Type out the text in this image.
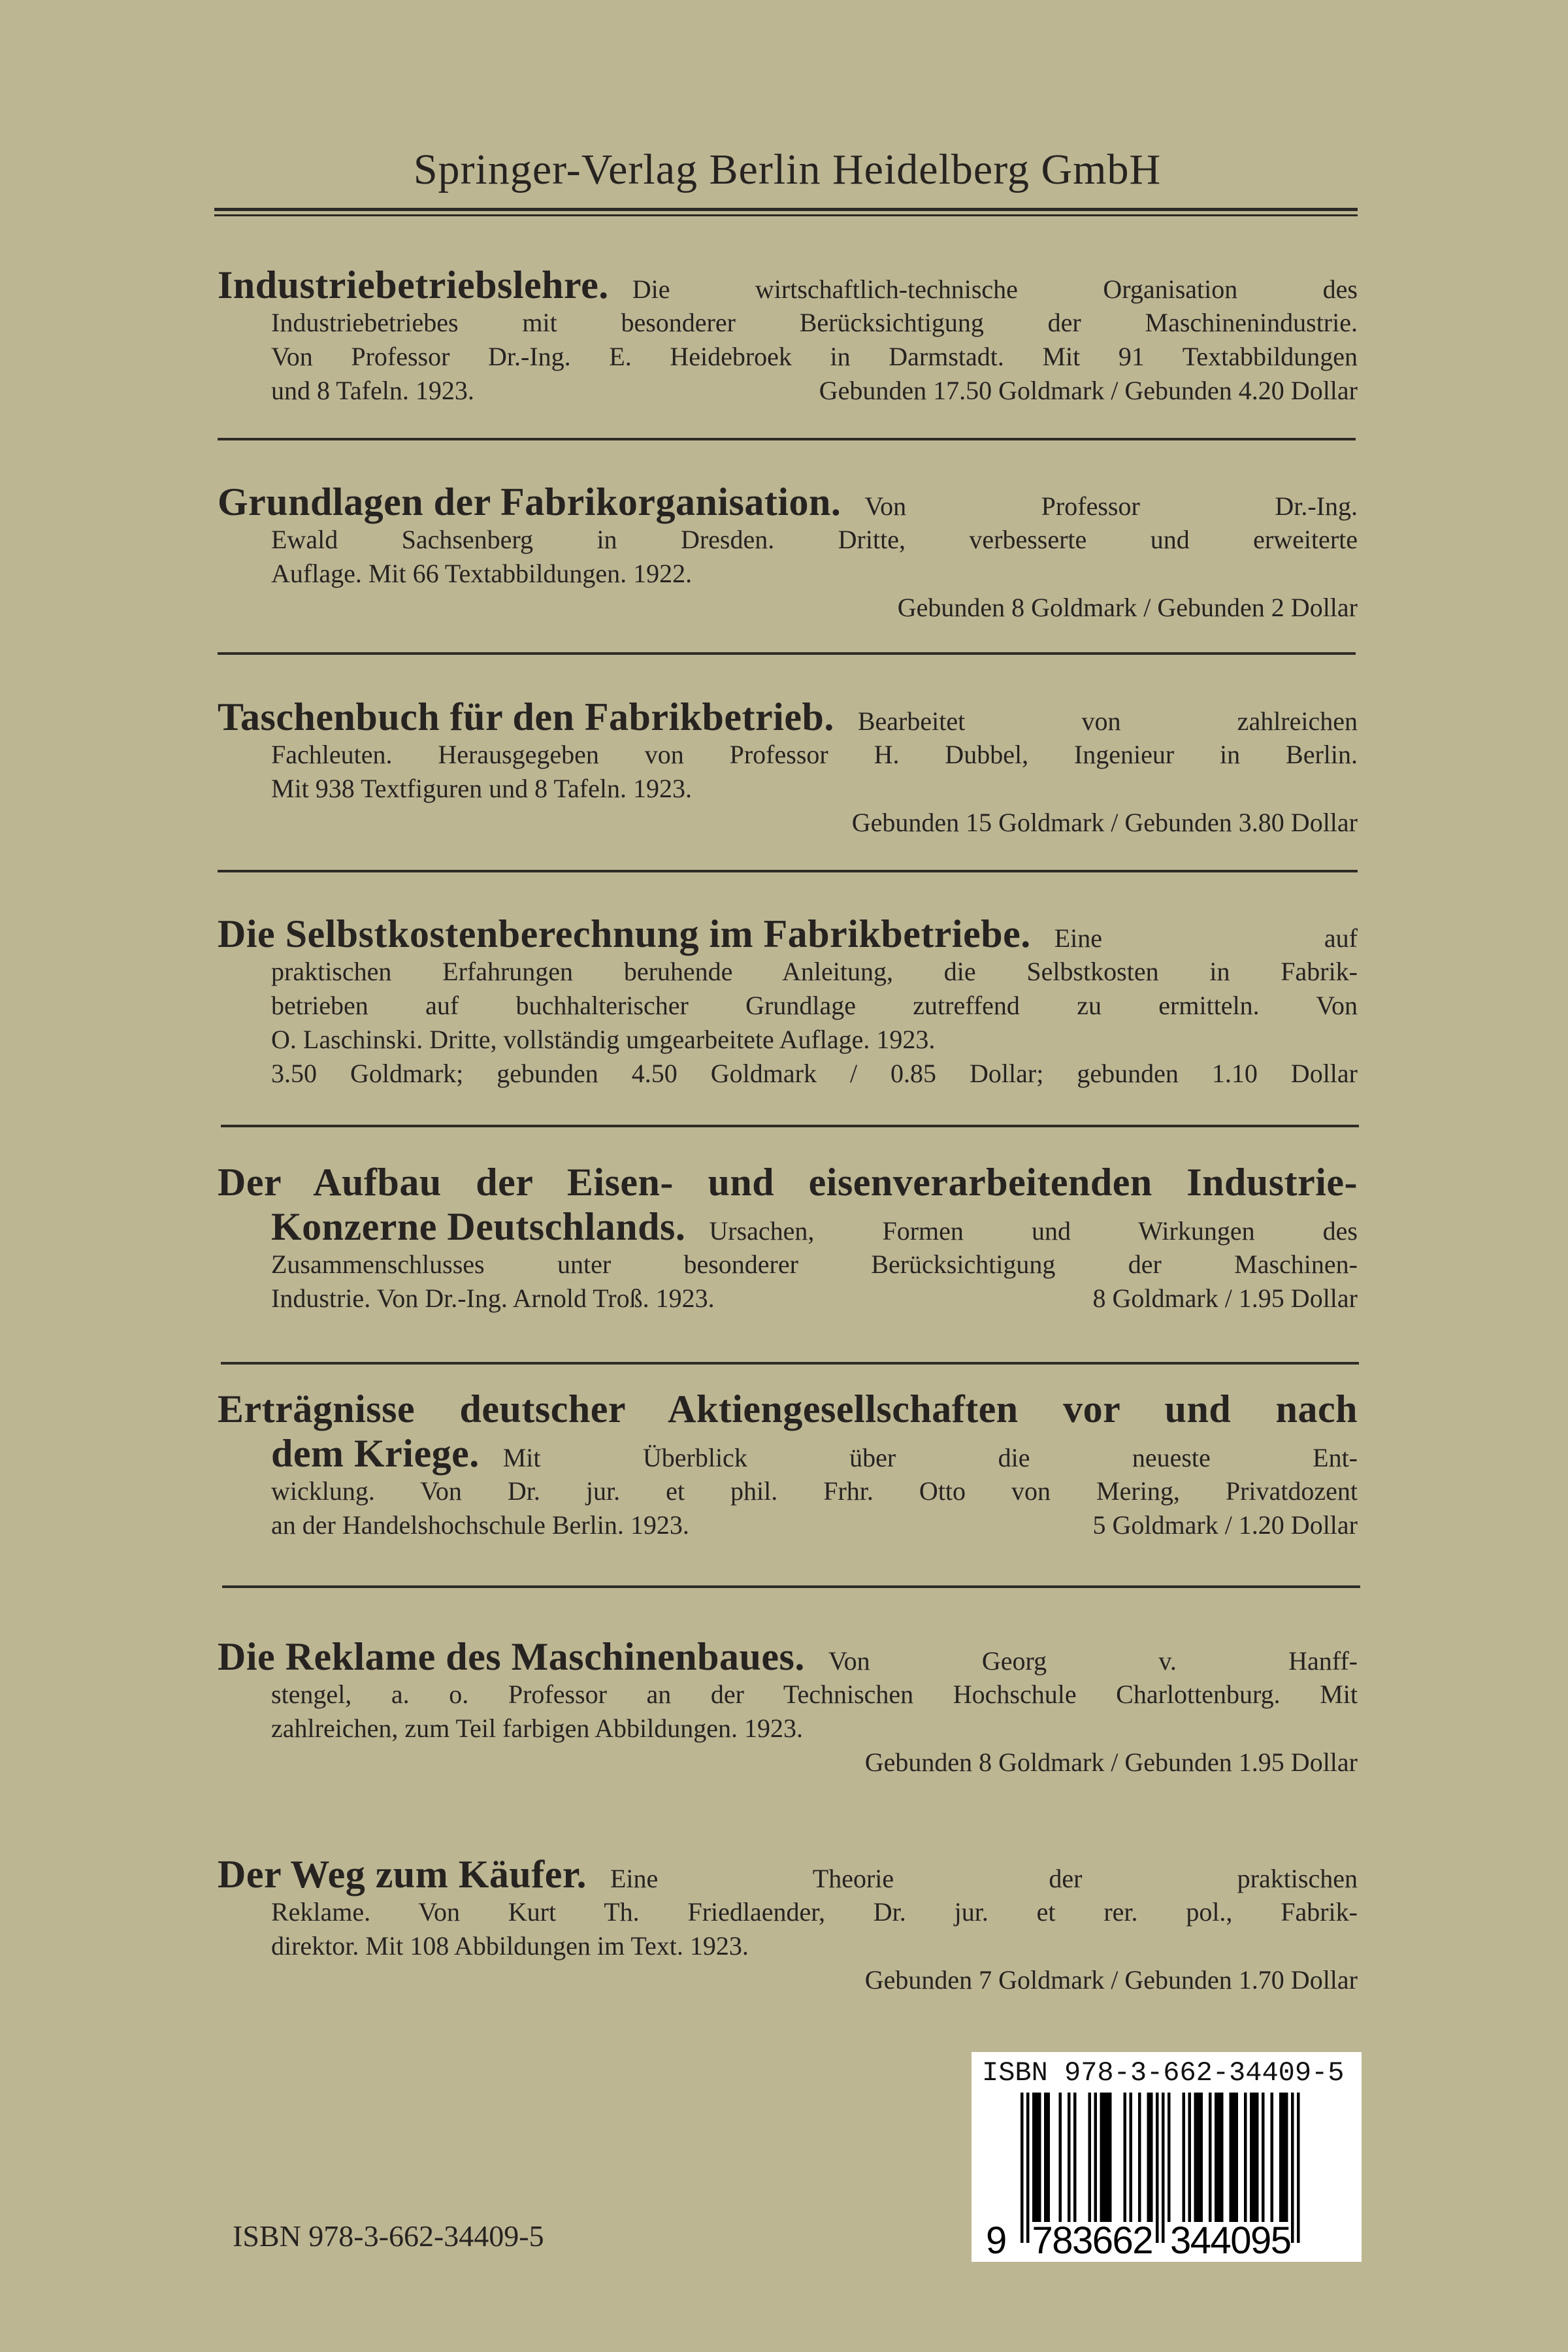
Springer-Verlag Berlin Heidelberg GmbH
Industriebetriebslehre. Die wirtschaftlich-technische Organisation des
Industriebetriebes mit besonderer Berücksichtigung der Maschinenindustrie.
Von Professor Dr.-Ing. E. Heidebroek in Darmstadt. Mit 91 Textabbildungen
und 8 Tafeln. 1923.	Gebunden 17.50 Goldmark / Gebunden 4.20 Dollar
Grundlagen der Fabrikorganisation. Von Professor Dr.-Ing.
Ewald Sachsenberg in Dresden. Dritte, verbesserte und erweiterte
Auflage. Mit 66 Textabbildungen. 1922.
Gebunden 8 Goldmark / Gebunden 2 Dollar
Taschenbuch für den Fabrikbetrieb. Bearbeitet von zahlreichen
Fachleuten. Herausgegeben von Professor H. Dubbel, Ingenieur in Berlin.
Mit 938 Textfiguren und 8 Tafeln. 1923.
Gebunden 15 Goldmark / Gebunden 3.80 Dollar
Die Selbstkostenberechnung im Fabrikbetriebe. Eine auf
praktischen Erfahrungen beruhende Anleitung, die Selbstkosten in Fabrik-
betrieben auf buchhalterischer Grundlage zutreffend zu ermitteln. Von
O. Laschinski. Dritte, vollständig umgearbeitete Auflage. 1923.
3.50 Goldmark; gebunden 4.50 Goldmark / 0.85 Dollar; gebunden 1.10 Dollar
Der Aufbau der Eisen- und eisenverarbeitenden Industrie-
Konzerne Deutschlands. Ursachen, Formen und Wirkungen des
Zusammenschlusses unter besonderer Berücksichtigung der Maschinen-
Industrie. Von Dr.-Ing. Arnold Troß. 1923.	8 Goldmark / 1.95 Dollar
Erträgnisse deutscher Aktiengesellschaften vor und nach
dem Kriege. Mit Überblick über die neueste Ent-
wicklung. Von Dr. jur. et phil. Frhr. Otto von Mering, Privatdozent
an der Handelshochschule Berlin. 1923.	5 Goldmark / 1.20 Dollar
Die Reklame des Maschinenbaues. Von Georg v. Hanff-
stengel, a. o. Professor an der Technischen Hochschule Charlottenburg. Mit
zahlreichen, zum Teil farbigen Abbildungen. 1923.
Gebunden 8 Goldmark / Gebunden 1.95 Dollar
Der Weg zum Käufer. Eine Theorie der praktischen
Reklame. Von Kurt Th. Friedlaender, Dr. jur. et rer. pol., Fabrik-
direktor. Mit 108 Abbildungen im Text. 1923.
Gebunden 7 Goldmark / Gebunden 1.70 Dollar
ISBN 978-3-662-34409-5	9 783662 344095
ISBN 978-3-662-34409-5
